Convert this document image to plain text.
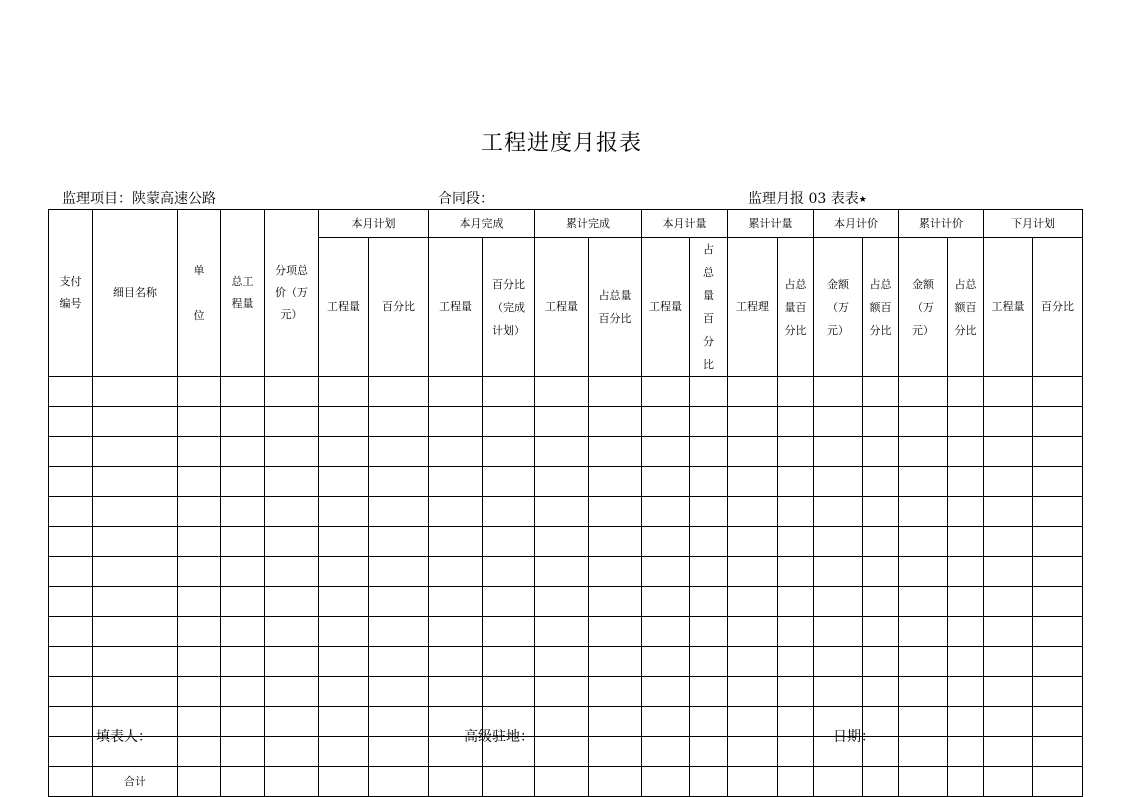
工程进度月报表
监理项目：陕蒙高速公路	合同段：	监理月报 03 表表★
支付编号	细目名称	单位	总工程量	分项总价（万元）	本月计划		本月完成		累计完成		本月计量		累计计量		本月计价		累计计价		下月计划	
					工程量	百分比	工程量	百分比（完成计划）	工程量	占总量百分比	工程量	占总量百分比	工程理	占总量百分比	金额（万元）	占总额百分比	金额（万元）	占总额百分比	工程量	百分比

	合计																			
填表人：	高级驻地：	日期：
